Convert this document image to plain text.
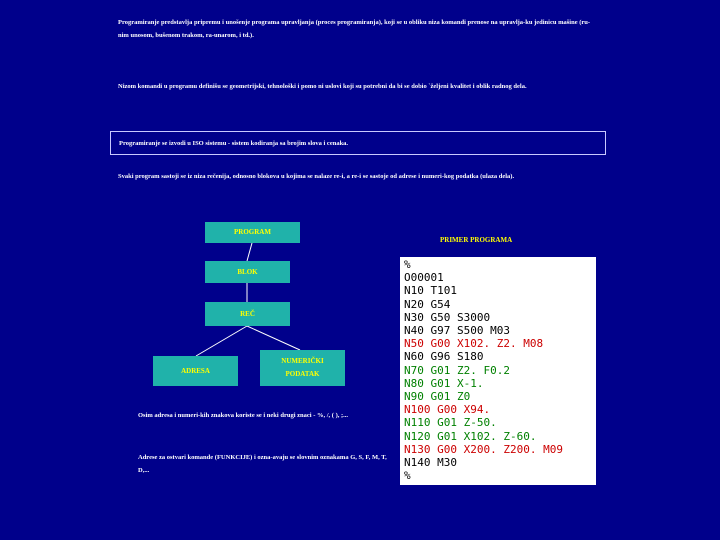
Programiranje predstavlja pripremu i unošenje programa upravljanja (proces programiranja), koji se u obliku niza komandi prenose na upravlja-ku jedinicu mašine (ru-nim unosom, bušenom trakom, ra-unarom, i td.).
Nizom komandi u programu definišu se geometrijski, tehnološki i pomo ni uslovi koji su potrebni da bi se dobio `željeni kvalitet i oblik radnog dela.
Programiranje se izvodi u ISO sistemu - sistem kodiranja sa brojim slova i cenaka.
Svaki program sastoji se iz niza rečenija, odnosno blokova u kojima se nalaze re-i, a re-i se sastoje od adrese i numeri-kog podatka (ulaza dela).
PROGRAM
BLOK
REČ
ADRESA
NUMERIČKI
PODATAK
Osim adresa i numeri-kih znakova koriste se i neki drugi znaci - %, /, ( ), ;...
Adrese za ostvari komande (FUNKCIJE) i ozna-avaju se slovnim oznakama G, S, F, M, T, D,...
PRIMER PROGRAMA
%
O00001
N10 T101
N20 G54
N30 G50 S3000
N40 G97 S500 M03
N50 G00 X102. Z2. M08
N60 G96 S180
N70 G01 Z2. F0.2
N80 G01 X-1.
N90 G01 Z0
N100 G00 X94.
N110 G01 Z-50.
N120 G01 X102. Z-60.
N130 G00 X200. Z200. M09
N140 M30
%
